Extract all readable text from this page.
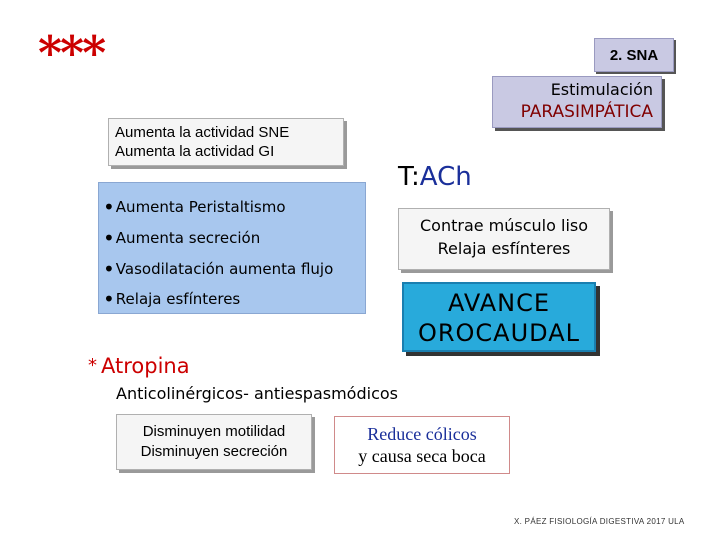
***	2. SNA
Estimulación
PARASIMPÁTICA
Aumenta la actividad SNE
Aumenta la actividad GI
T:ACh
•Aumenta Peristaltismo
•Aumenta secreción
•Vasodilatación aumenta flujo
•Relaja esfínteres
Contrae músculo liso
Relaja esfínteres
AVANCE
OROCAUDAL
* Atropina
Anticolinérgicos- antiespasmódicos
Disminuyen motilidad
Disminuyen secreción
Reduce cólicos
y causa seca boca
X. PÁEZ FISIOLOGÍA DIGESTIVA 2017 ULA
